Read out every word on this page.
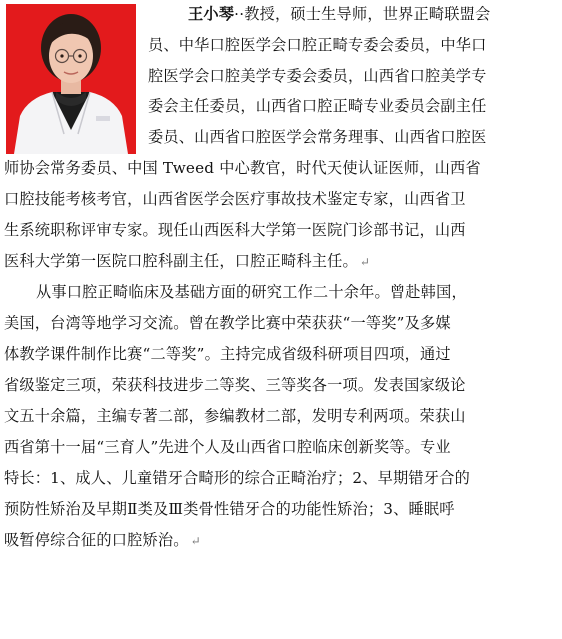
王小琴··教授，硕士生导师，世界正畸联盟会
员、中华口腔医学会口腔正畸专委会委员，中华口
腔医学会口腔美学专委会委员，山西省口腔美学专
委会主任委员，山西省口腔正畸专业委员会副主任
委员、山西省口腔医学会常务理事、山西省口腔医
师协会常务委员、中国 Tweed 中心教官，时代天使认证医师，山西省
口腔技能考核考官，山西省医学会医疗事故技术鉴定专家，山西省卫
生系统职称评审专家。现任山西医科大学第一医院门诊部书记，山西
医科大学第一医院口腔科副主任，口腔正畸科主任。 ↵
从事口腔正畸临床及基础方面的研究工作二十余年。曾赴韩国，
美国，台湾等地学习交流。曾在教学比赛中荣获获“一等奖”及多媒
体教学课件制作比赛“二等奖”。主持完成省级科研项目四项，通过
省级鉴定三项，荣获科技进步二等奖、三等奖各一项。发表国家级论
文五十余篇，主编专著二部，参编教材二部，发明专利两项。荣获山
西省第十一届“三育人”先进个人及山西省口腔临床创新奖等。专业
特长：1、成人、儿童错牙合畸形的综合正畸治疗；2、早期错牙合的
预防性矫治及早期Ⅱ类及Ⅲ类骨性错牙合的功能性矫治；3、睡眠呼
吸暂停综合征的口腔矫治。 ↵
